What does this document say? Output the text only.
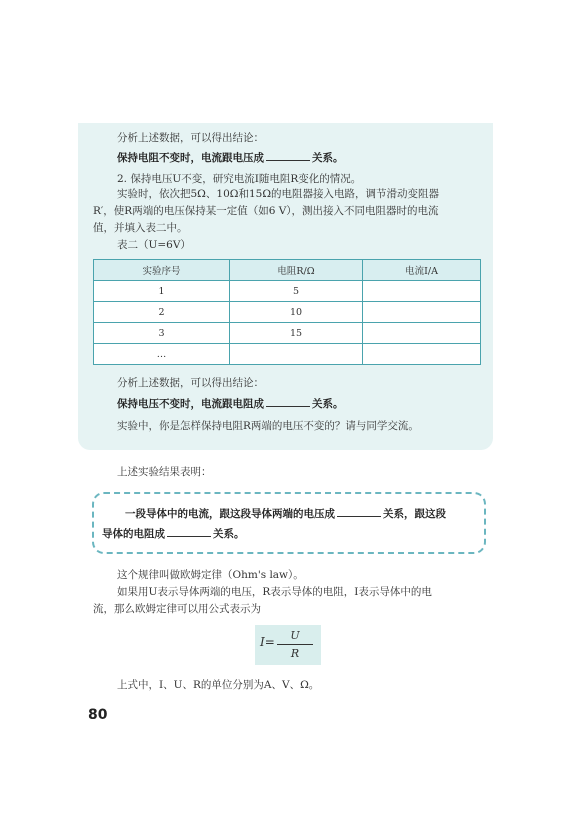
分析上述数据，可以得出结论：
保持电阻不变时，电流跟电压成	关系。
2. 保持电压U不变，研究电流I随电阻R变化的情况。
实验时，依次把5Ω、10Ω和15Ω的电阻器接入电路，调节滑动变阻器
R′，使R两端的电压保持某一定值（如6 V），测出接入不同电阻器时的电流
值，并填入表二中。
表二（U=6V）
实验序号	电阻R/Ω	电流I/A
1	5	
2	10	
3	15	
…		
分析上述数据，可以得出结论：
保持电压不变时，电流跟电阻成	关系。
实验中，你是怎样保持电阻R两端的电压不变的？请与同学交流。
上述实验结果表明：
一段导体中的电流，跟这段导体两端的电压成	关系，跟这段
导体的电阻成	关系。
这个规律叫做欧姆定律（Ohm's law）。
如果用U表示导体两端的电压，R表示导体的电阻，I表示导体中的电
流，那么欧姆定律可以用公式表示为
$I= \frac{U}{R}$
上式中，I、U、R的单位分别为A、V、Ω。
80
